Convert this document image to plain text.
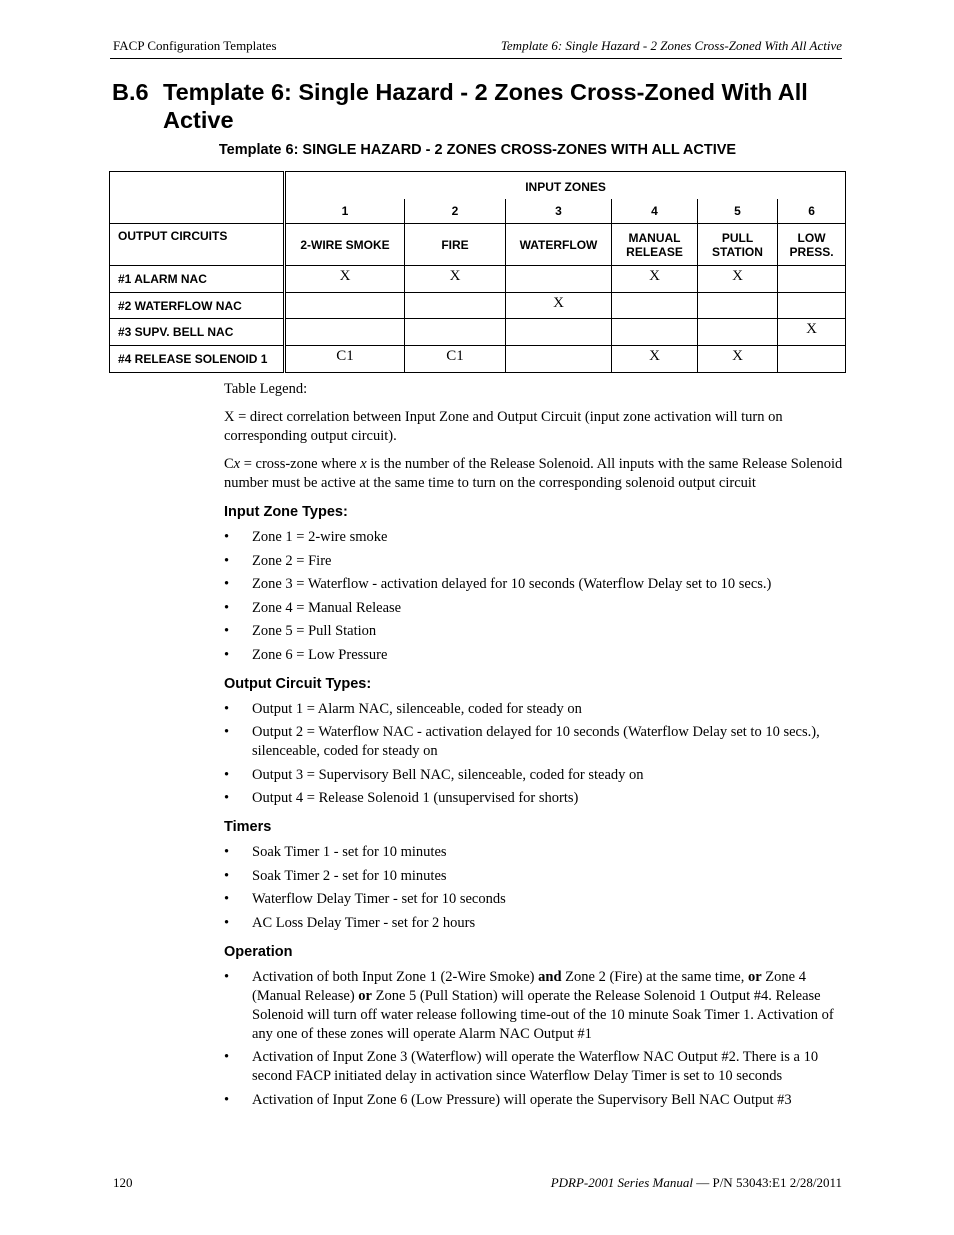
FACP Configuration Templates	Template 6: Single Hazard - 2 Zones Cross-Zoned With All Active
B.6 Template 6: Single Hazard - 2 Zones Cross-Zoned With All Active
Template 6: SINGLE HAZARD - 2 ZONES CROSS-ZONES WITH ALL ACTIVE
	INPUT ZONES					
	1	2	3	4	5	6
OUTPUT CIRCUITS	2-WIRE SMOKE	FIRE	WATERFLOW	MANUAL RELEASE	PULL STATION	LOW PRESS.
#1 ALARM NAC	X	X		X	X	
#2 WATERFLOW NAC			X			
#3 SUPV. BELL NAC						X
#4 RELEASE SOLENOID 1	C1	C1		X	X	

Table Legend:

X = direct correlation between Input Zone and Output Circuit (input zone activation will turn on corresponding output circuit).

Cx = cross-zone where x is the number of the Release Solenoid. All inputs with the same Release Solenoid number must be active at the same time to turn on the corresponding solenoid output circuit

Input Zone Types:
• Zone 1 = 2-wire smoke
• Zone 2 = Fire
• Zone 3 = Waterflow - activation delayed for 10 seconds (Waterflow Delay set to 10 secs.)
• Zone 4 = Manual Release
• Zone 5 = Pull Station
• Zone 6 = Low Pressure
Output Circuit Types:
• Output 1 = Alarm NAC, silenceable, coded for steady on
• Output 2 = Waterflow NAC - activation delayed for 10 seconds (Waterflow Delay set to 10 secs.), silenceable, coded for steady on
• Output 3 = Supervisory Bell NAC, silenceable, coded for steady on
• Output 4 = Release Solenoid 1 (unsupervised for shorts)
Timers
• Soak Timer 1 - set for 10 minutes
• Soak Timer 2 - set for 10 minutes
• Waterflow Delay Timer - set for 10 seconds
• AC Loss Delay Timer - set for 2 hours
Operation
• Activation of both Input Zone 1 (2-Wire Smoke) and Zone 2 (Fire) at the same time, or Zone 4 (Manual Release) or Zone 5 (Pull Station) will operate the Release Solenoid 1 Output #4. Release Solenoid will turn off water release following time-out of the 10 minute Soak Timer 1. Activation of any one of these zones will operate Alarm NAC Output #1
• Activation of Input Zone 3 (Waterflow) will operate the Waterflow NAC Output #2. There is a 10 second FACP initiated delay in activation since Waterflow Delay Timer is set to 10 seconds
• Activation of Input Zone 6 (Low Pressure) will operate the Supervisory Bell NAC Output #3
120	PDRP-2001 Series Manual — P/N 53043:E1 2/28/2011
